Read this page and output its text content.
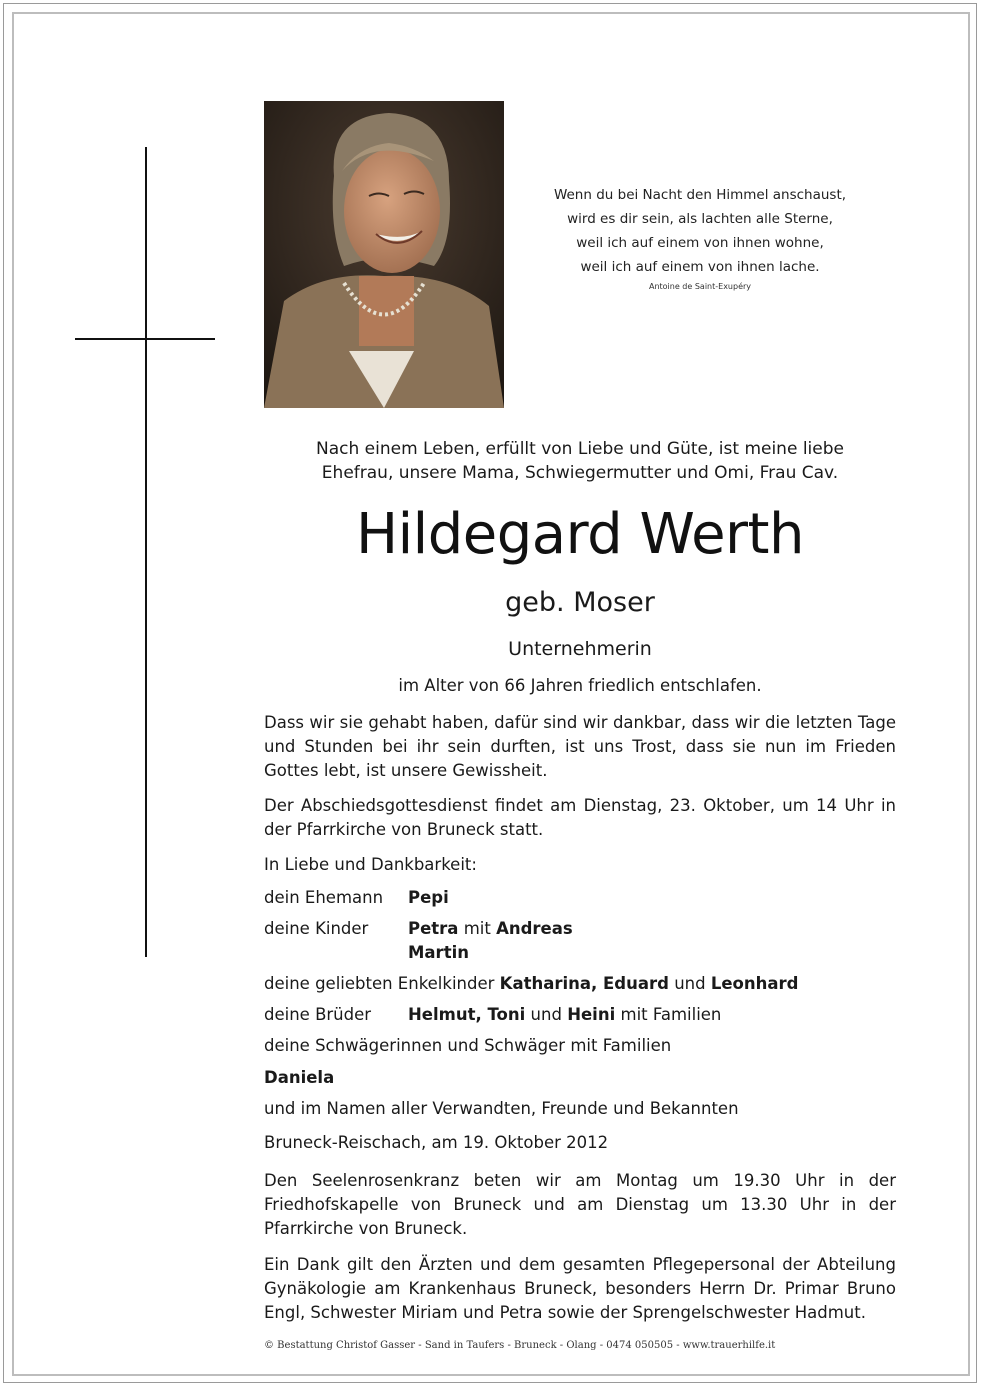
Wenn du bei Nacht den Himmel anschaust,
wird es dir sein, als lachten alle Sterne,
weil ich auf einem von ihnen wohne,
weil ich auf einem von ihnen lache.
Antoine de Saint-Exupéry
Nach einem Leben, erfüllt von Liebe und Güte, ist meine liebe
Ehefrau, unsere Mama, Schwiegermutter und Omi, Frau Cav.
Hildegard Werth
geb. Moser
Unternehmerin
im Alter von 66 Jahren friedlich entschlafen.
Dass wir sie gehabt haben, dafür sind wir dankbar, dass wir die letzten Tage und Stunden bei ihr sein durften, ist uns Trost, dass sie nun im Frieden Gottes lebt, ist unsere Gewissheit.
Der Abschiedsgottesdienst findet am Dienstag, 23. Oktober, um 14 Uhr in der Pfarrkirche von Bruneck statt.
In Liebe und Dankbarkeit:
dein Ehemann Pepi
deine Kinder Petra mit Andreas
Martin
deine geliebten Enkelkinder Katharina, Eduard und Leonhard
deine Brüder Helmut, Toni und Heini mit Familien
deine Schwägerinnen und Schwäger mit Familien
Daniela
und im Namen aller Verwandten, Freunde und Bekannten
Bruneck-Reischach, am 19. Oktober 2012
Den Seelenrosenkranz beten wir am Montag um 19.30 Uhr in der Friedhofskapelle von Bruneck und am Dienstag um 13.30 Uhr in der Pfarrkirche von Bruneck.
Ein Dank gilt den Ärzten und dem gesamten Pflegepersonal der Abteilung Gynäkologie am Krankenhaus Bruneck, besonders Herrn Dr. Primar Bruno Engl, Schwester Miriam und Petra sowie der Sprengelschwester Hadmut.
© Bestattung Christof Gasser - Sand in Taufers - Bruneck - Olang - 0474 050505 - www.trauerhilfe.it
